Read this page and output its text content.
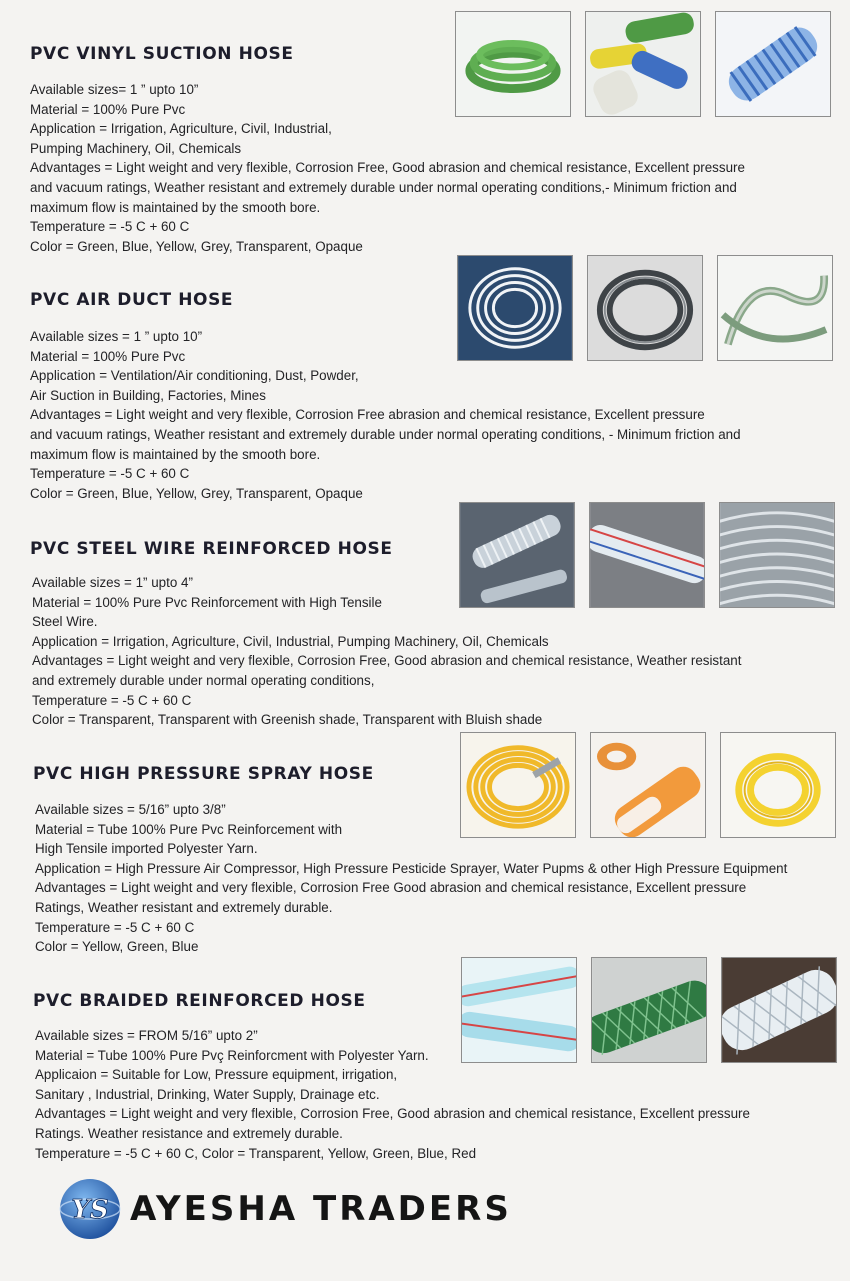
PVC VINYL SUCTION HOSE
Available sizes= 1 ” upto 10”
Material = 100% Pure Pvc
Application = Irrigation, Agriculture, Civil, Industrial,
Pumping Machinery, Oil, Chemicals
Advantages = Light weight and very flexible, Corrosion Free, Good abrasion and chemical resistance, Excellent pressure
and vacuum ratings, Weather resistant and extremely durable under normal operating conditions,- Minimum friction and
maximum flow is maintained by the smooth bore.
Temperature = -5 C + 60 C
Color = Green, Blue, Yellow, Grey, Transparent, Opaque
PVC AIR DUCT HOSE
Available sizes = 1 ” upto 10”
Material = 100% Pure Pvc
Application = Ventilation/Air conditioning, Dust, Powder,
Air Suction in Building, Factories, Mines
Advantages = Light weight and very flexible, Corrosion Free abrasion and chemical resistance, Excellent pressure
and vacuum ratings, Weather resistant and extremely durable under normal operating conditions, - Minimum friction and
maximum flow is maintained by the smooth bore.
Temperature = -5 C + 60 C
Color = Green, Blue, Yellow, Grey, Transparent, Opaque
PVC STEEL WIRE REINFORCED HOSE
Available sizes = 1” upto 4”
Material = 100% Pure Pvc Reinforcement with High Tensile
Steel Wire.
Application = Irrigation, Agriculture, Civil, Industrial, Pumping Machinery, Oil, Chemicals
Advantages = Light weight and very flexible, Corrosion Free, Good abrasion and chemical resistance, Weather resistant
and extremely durable under normal operating conditions,
Temperature = -5 C + 60 C
Color = Transparent, Transparent with Greenish shade, Transparent with Bluish shade
PVC HIGH PRESSURE SPRAY HOSE
Available sizes = 5/16” upto 3/8”
Material = Tube 100% Pure Pvc Reinforcement with
High Tensile imported Polyester Yarn.
Application = High Pressure Air Compressor, High Pressure Pesticide Sprayer, Water Pupms & other High Pressure Equipment
Advantages = Light weight and very flexible, Corrosion Free Good abrasion and chemical resistance, Excellent pressure
Ratings, Weather resistant and extremely durable.
Temperature = -5 C + 60 C
Color = Yellow, Green, Blue
PVC BRAIDED REINFORCED HOSE
Available sizes = FROM 5/16” upto 2”
Material = Tube 100% Pure Pvç Reinforcment with Polyester Yarn.
Applicaion = Suitable for Low, Pressure equipment, irrigation,
Sanitary , Industrial, Drinking, Water Supply, Drainage etc.
Advantages = Light weight and very flexible, Corrosion Free, Good abrasion and chemical resistance, Excellent pressure
Ratings. Weather resistance and extremely durable.
Temperature = -5 C + 60 C, Color = Transparent, Yellow, Green, Blue, Red
YS AYESHA TRADERS
